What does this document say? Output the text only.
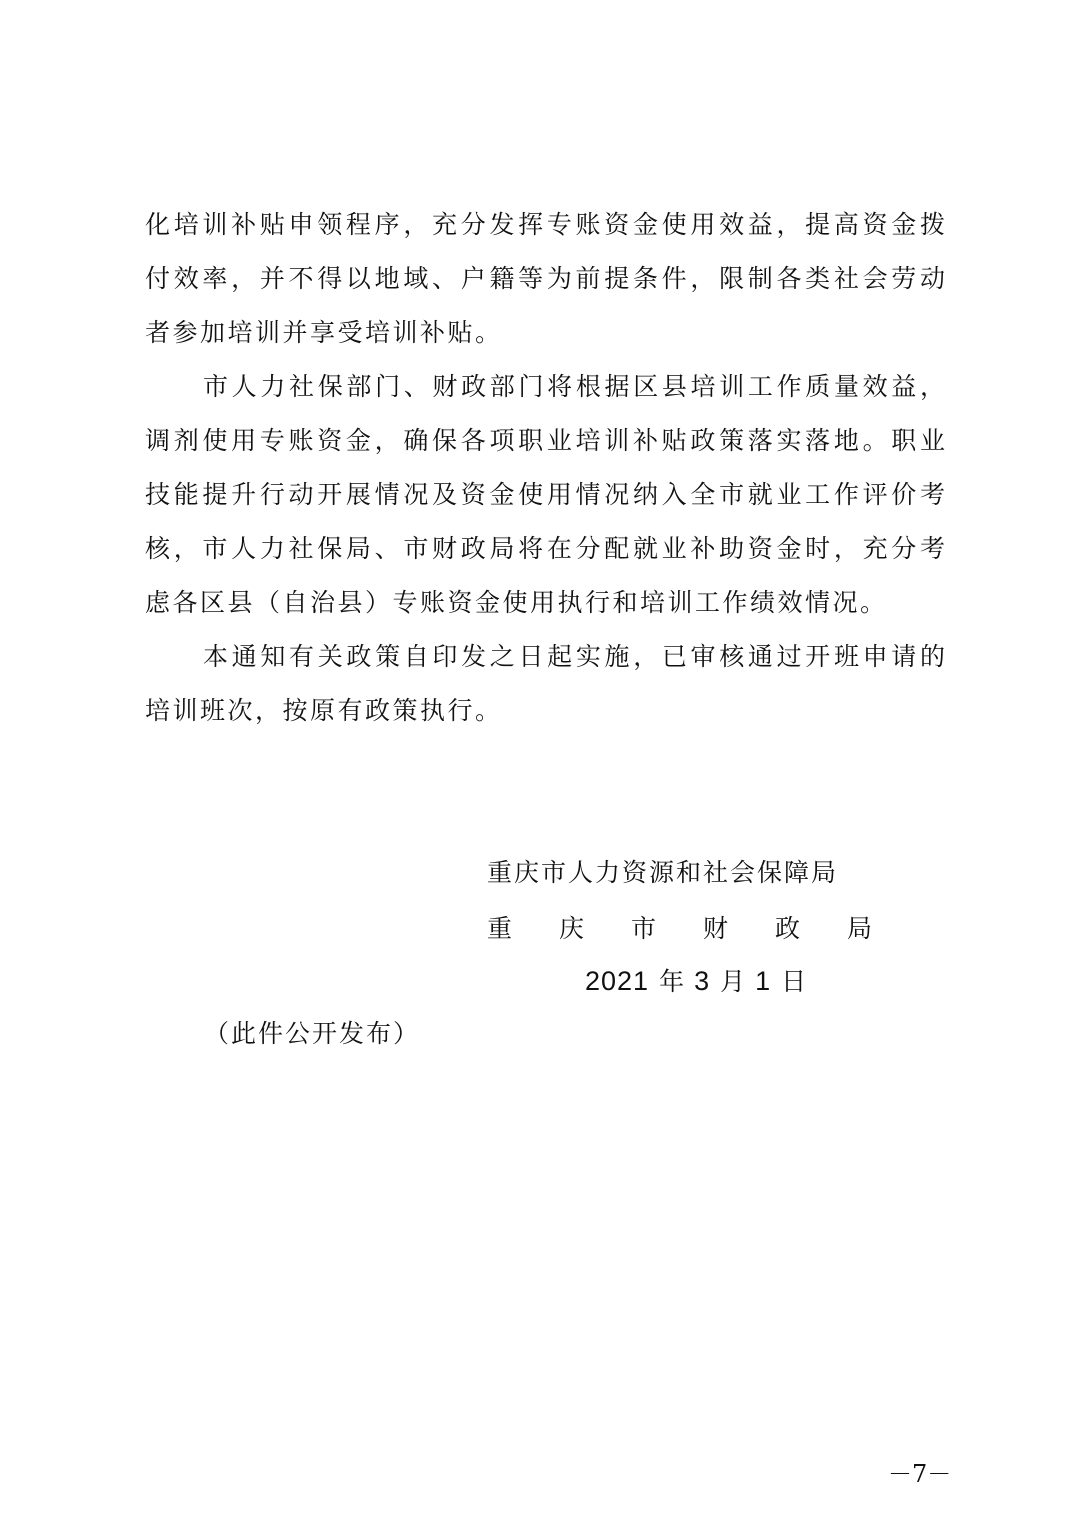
化培训补贴申领程序，充分发挥专账资金使用效益，提高资金拨
付效率，并不得以地域、户籍等为前提条件，限制各类社会劳动
者参加培训并享受培训补贴。
市人力社保部门、财政部门将根据区县培训工作质量效益，
调剂使用专账资金，确保各项职业培训补贴政策落实落地。职业
技能提升行动开展情况及资金使用情况纳入全市就业工作评价考
核，市人力社保局、市财政局将在分配就业补助资金时，充分考
虑各区县（自治县）专账资金使用执行和培训工作绩效情况。
本通知有关政策自印发之日起实施，已审核通过开班申请的
培训班次，按原有政策执行。
重庆市人力资源和社会保障局
重 庆 市 财 政 局
2021 年 3 月 1 日
（此件公开发布）
－7－
